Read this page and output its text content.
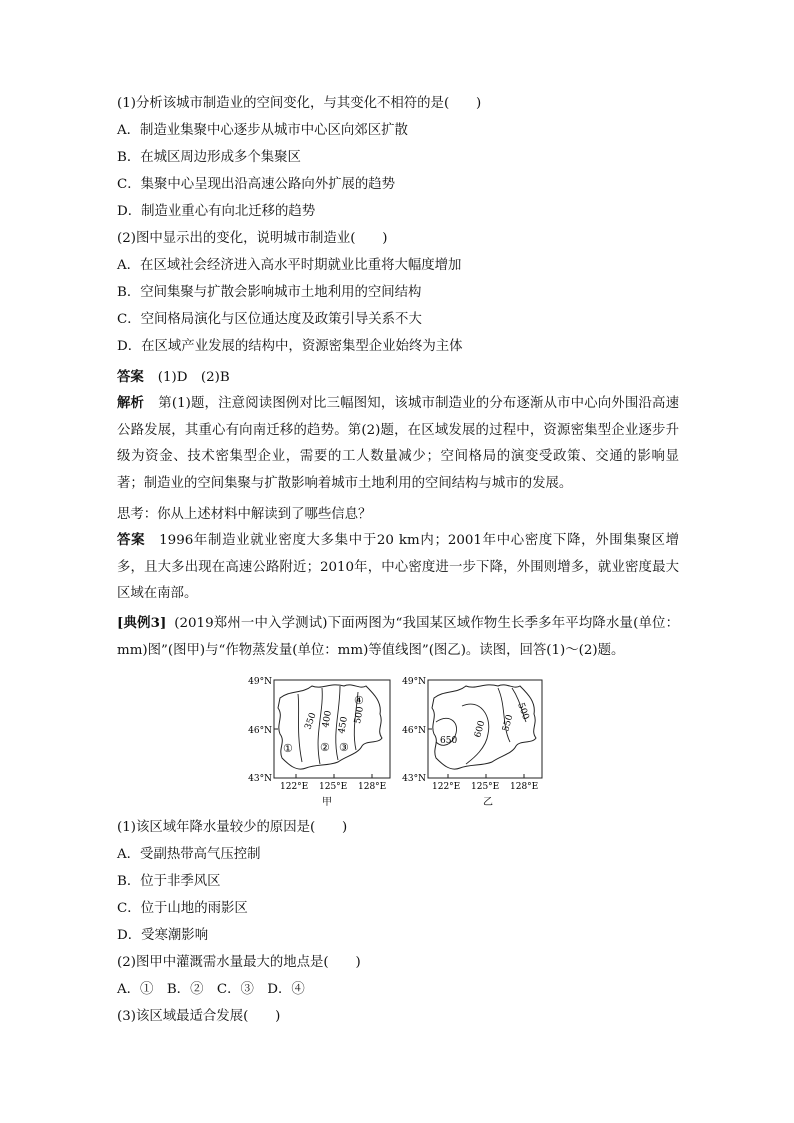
(1)分析该城市制造业的空间变化，与其变化不相符的是(　　)
A．制造业集聚中心逐步从城市中心区向郊区扩散
B．在城区周边形成多个集聚区
C．集聚中心呈现出沿高速公路向外扩展的趋势
D．制造业重心有向北迁移的趋势
(2)图中显示出的变化，说明城市制造业(　　)
A．在区域社会经济进入高水平时期就业比重将大幅度增加
B．空间集聚与扩散会影响城市土地利用的空间结构
C．空间格局演化与区位通达度及政策引导关系不大
D．在区域产业发展的结构中，资源密集型企业始终为主体
答案 (1)D　(2)B
解析 第(1)题，注意阅读图例对比三幅图知，该城市制造业的分布逐渐从市中心向外围沿高速公路发展，其重心有向南迁移的趋势。第(2)题，在区域发展的过程中，资源密集型企业逐步升级为资金、技术密集型企业，需要的工人数量减少；空间格局的演变受政策、交通的影响显著；制造业的空间集聚与扩散影响着城市土地利用的空间结构与城市的发展。
思考：你从上述材料中解读到了哪些信息？
答案 1996年制造业就业密度大多集中于20 km内；2001年中心密度下降，外围集聚区增多，且大多出现在高速公路附近；2010年，中心密度进一步下降，外围则增多，就业密度最大区域在南部。
[典例3] (2019郑州一中入学测试)下面两图为“我国某区域作物生长季多年平均降水量(单位：mm)图”(图甲)与“作物蒸发量(单位：mm)等值线图”(图乙)。读图，回答(1)～(2)题。
49°N
46°N
43°N
122°E 125°E 128°E
350 400 450
500
① ② ③
④
甲
49°N
46°N
43°N
122°E 125°E 128°E
650
600 550
500
乙
(1)该区域年降水量较少的原因是(　　)
A．受副热带高气压控制
B．位于非季风区
C．位于山地的雨影区
D．受寒潮影响
(2)图甲中灌溉需水量最大的地点是(　　)
A．①　B．②　C．③　D．④
(3)该区域最适合发展(　　)
